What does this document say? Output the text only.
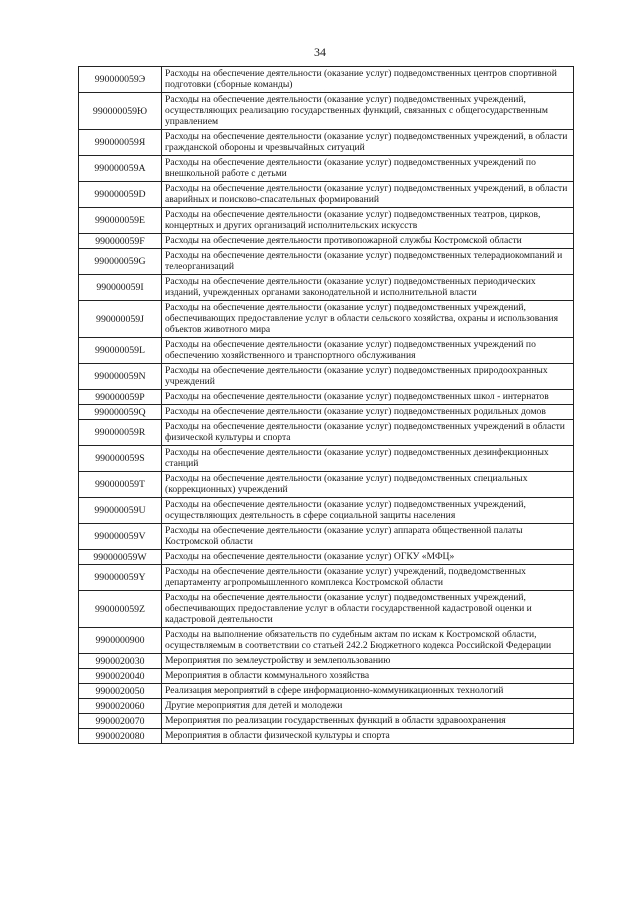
34
990000059Э	Расходы на обеспечение деятельности (оказание услуг) подведомственных центров спортивной подготовки (сборные команды)
990000059Ю	Расходы на обеспечение деятельности (оказание услуг) подведомственных учреждений, осуществляющих реализацию государственных функций, связанных с общегосударственным управлением
990000059Я	Расходы на обеспечение деятельности (оказание услуг) подведомственных учреждений, в области гражданской обороны и чрезвычайных ситуаций
990000059A	Расходы на обеспечение деятельности (оказание услуг) подведомственных учреждений по внешкольной работе с детьми
990000059D	Расходы на обеспечение деятельности (оказание услуг) подведомственных учреждений, в области аварийных и поисково-спасательных формирований
990000059E	Расходы на обеспечение деятельности (оказание услуг) подведомственных театров, цирков, концертных и других организаций исполнительских искусств
990000059F	Расходы на обеспечение деятельности противопожарной службы Костромской области
990000059G	Расходы на обеспечение деятельности (оказание услуг) подведомственных телерадиокомпаний и телеорганизаций
990000059I	Расходы на обеспечение деятельности (оказание услуг) подведомственных периодических изданий, учрежденных органами законодательной и исполнительной власти
990000059J	Расходы на обеспечение деятельности (оказание услуг) подведомственных учреждений, обеспечивающих предоставление услуг в области сельского хозяйства, охраны и использования объектов животного мира
990000059L	Расходы на обеспечение деятельности (оказание услуг) подведомственных учреждений по обеспечению хозяйственного и транспортного обслуживания
990000059N	Расходы на обеспечение деятельности (оказание услуг) подведомственных природоохранных учреждений
990000059P	Расходы на обеспечение деятельности (оказание услуг) подведомственных школ - интернатов
990000059Q	Расходы на обеспечение деятельности (оказание услуг) подведомственных родильных домов
990000059R	Расходы на обеспечение деятельности (оказание услуг) подведомственных учреждений в области физической культуры и спорта
990000059S	Расходы на обеспечение деятельности (оказание услуг) подведомственных дезинфекционных станций
990000059T	Расходы на обеспечение деятельности (оказание услуг) подведомственных специальных (коррекционных) учреждений
990000059U	Расходы на обеспечение деятельности (оказание услуг) подведомственных учреждений, осуществляющих деятельность в сфере социальной защиты населения
990000059V	Расходы на обеспечение деятельности (оказание услуг) аппарата общественной палаты Костромской области
990000059W	Расходы на обеспечение деятельности (оказание услуг) ОГКУ «МФЦ»
990000059Y	Расходы на обеспечение деятельности (оказание услуг) учреждений, подведомственных департаменту агропромышленного комплекса Костромской области
990000059Z	Расходы на обеспечение деятельности (оказание услуг) подведомственных учреждений, обеспечивающих предоставление услуг в области государственной кадастровой оценки и кадастровой деятельности
9900000900	Расходы на выполнение обязательств по судебным актам по искам к Костромской области, осуществляемым в соответствии со статьей 242.2 Бюджетного кодекса Российской Федерации
9900020030	Мероприятия по землеустройству и землепользованию
9900020040	Мероприятия в области коммунального хозяйства
9900020050	Реализация мероприятий в сфере информационно-коммуникационных технологий
9900020060	Другие мероприятия для детей и молодежи
9900020070	Мероприятия по реализации государственных функций в области здравоохранения
9900020080	Мероприятия в области физической культуры и спорта
